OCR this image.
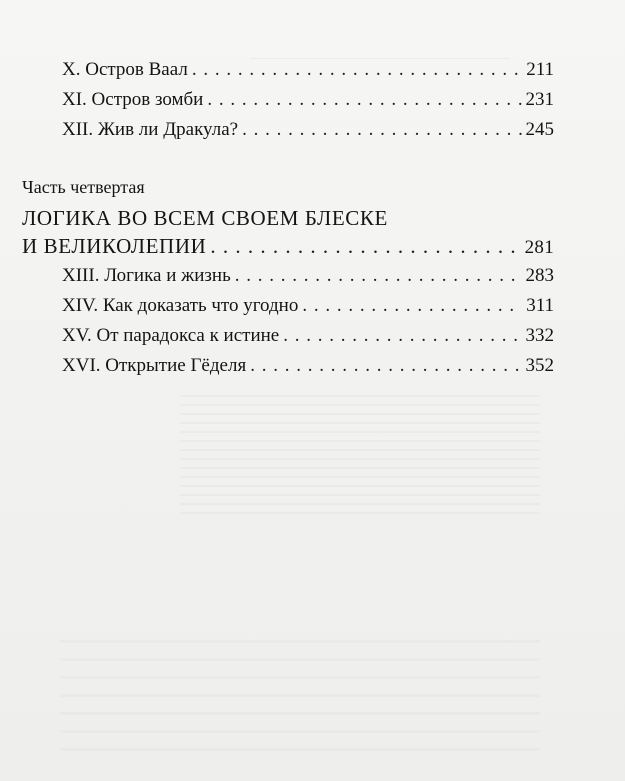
X. Остров Ваал . . .	211
XI. Остров зомби . . .	231
XII. Жив ли Дракула? . . .	245
Часть четвертая
ЛОГИКА ВО ВСЕМ СВОЕМ БЛЕСКЕ
И ВЕЛИКОЛЕПИИ . . .	281
XIII. Логика и жизнь . . .	283
XIV. Как доказать что угодно . . .	311
XV. От парадокса к истине . . .	332
XVI. Открытие Гёделя . . .	352
